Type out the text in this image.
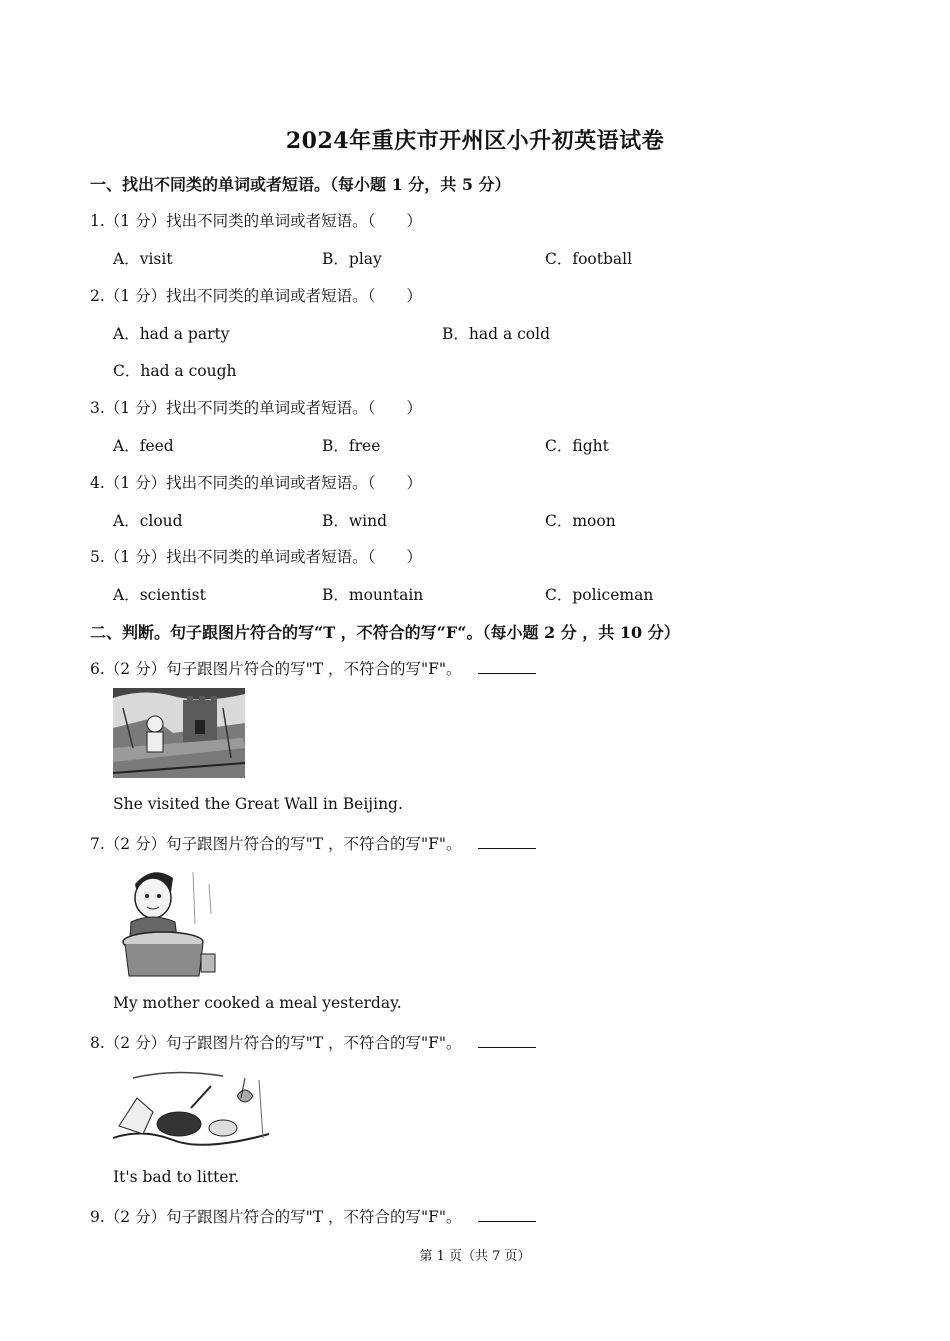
2024年重庆市开州区小升初英语试卷
一、找出不同类的单词或者短语。（每小题 1 分，共 5 分）
1.（1 分）找出不同类的单词或者短语。（　　）
A．visit	B．play	C．football
2.（1 分）找出不同类的单词或者短语。（　　）
A．had a party	B．had a cold
C．had a cough
3.（1 分）找出不同类的单词或者短语。（　　）
A．feed	B．free	C．fight
4.（1 分）找出不同类的单词或者短语。（　　）
A．cloud	B．wind	C．moon
5.（1 分）找出不同类的单词或者短语。（　　）
A．scientist	B．mountain	C．policeman
二、判断。句子跟图片符合的写“T ，不符合的写“F“。（每小题 2 分 ，共 10 分）
6.（2 分）句子跟图片符合的写"T ，不符合的写"F"。
She visited the Great Wall in Beijing.
7.（2 分）句子跟图片符合的写"T ，不符合的写"F"。
My mother cooked a meal yesterday.
8.（2 分）句子跟图片符合的写"T ，不符合的写"F"。
It's bad to litter.
9.（2 分）句子跟图片符合的写"T ，不符合的写"F"。
第 1 页（共 7 页）
